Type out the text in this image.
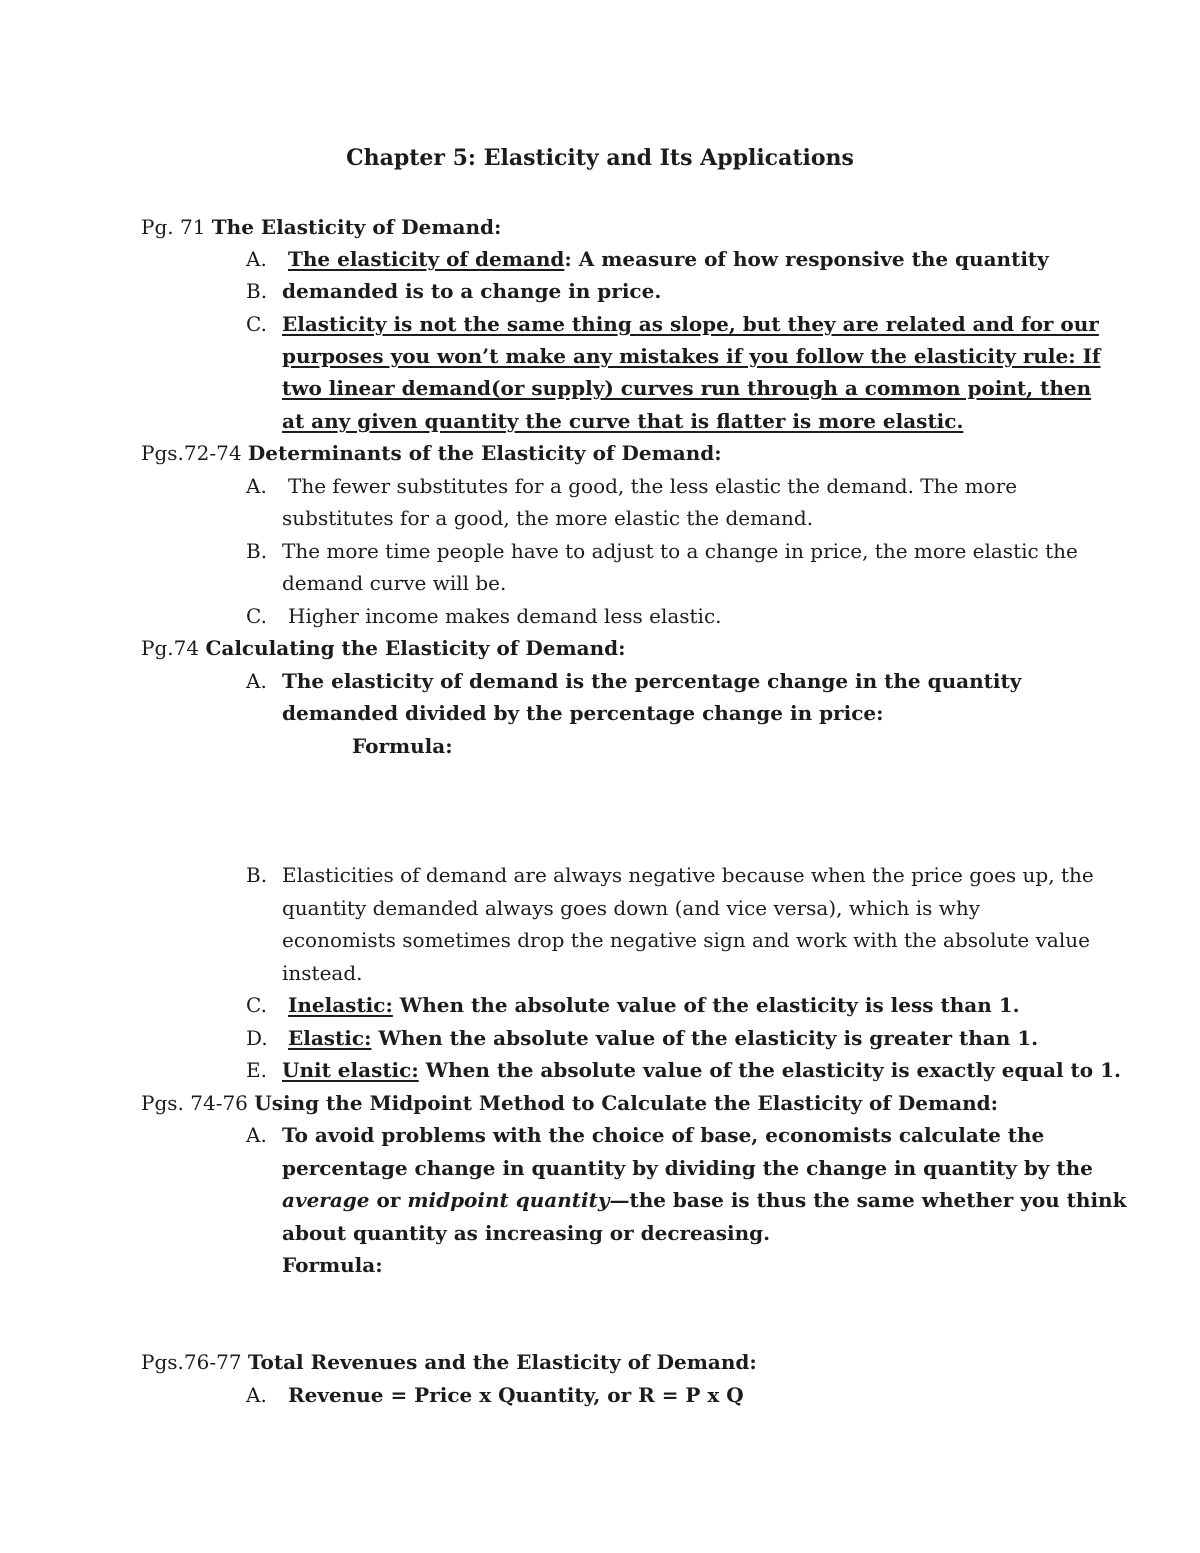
Chapter 5: Elasticity and Its Applications
Pg. 71 The Elasticity of Demand:
A. The elasticity of demand: A measure of how responsive the quantity
B. demanded is to a change in price.
C. Elasticity is not the same thing as slope, but they are related and for our
purposes you won’t make any mistakes if you follow the elasticity rule: If
two linear demand(or supply) curves run through a common point, then
at any given quantity the curve that is flatter is more elastic.
Pgs.72-74 Determinants of the Elasticity of Demand:
A. The fewer substitutes for a good, the less elastic the demand. The more
substitutes for a good, the more elastic the demand.
B. The more time people have to adjust to a change in price, the more elastic the
demand curve will be.
C. Higher income makes demand less elastic.
Pg.74 Calculating the Elasticity of Demand:
A. The elasticity of demand is the percentage change in the quantity
demanded divided by the percentage change in price:
Formula:
B. Elasticities of demand are always negative because when the price goes up, the
quantity demanded always goes down (and vice versa), which is why
economists sometimes drop the negative sign and work with the absolute value
instead.
C. Inelastic: When the absolute value of the elasticity is less than 1.
D. Elastic: When the absolute value of the elasticity is greater than 1.
E. Unit elastic: When the absolute value of the elasticity is exactly equal to 1.
Pgs. 74-76 Using the Midpoint Method to Calculate the Elasticity of Demand:
A. To avoid problems with the choice of base, economists calculate the
percentage change in quantity by dividing the change in quantity by the
average or midpoint quantity—the base is thus the same whether you think
about quantity as increasing or decreasing.
Formula:
Pgs.76-77 Total Revenues and the Elasticity of Demand:
A. Revenue = Price x Quantity, or R = P x Q
